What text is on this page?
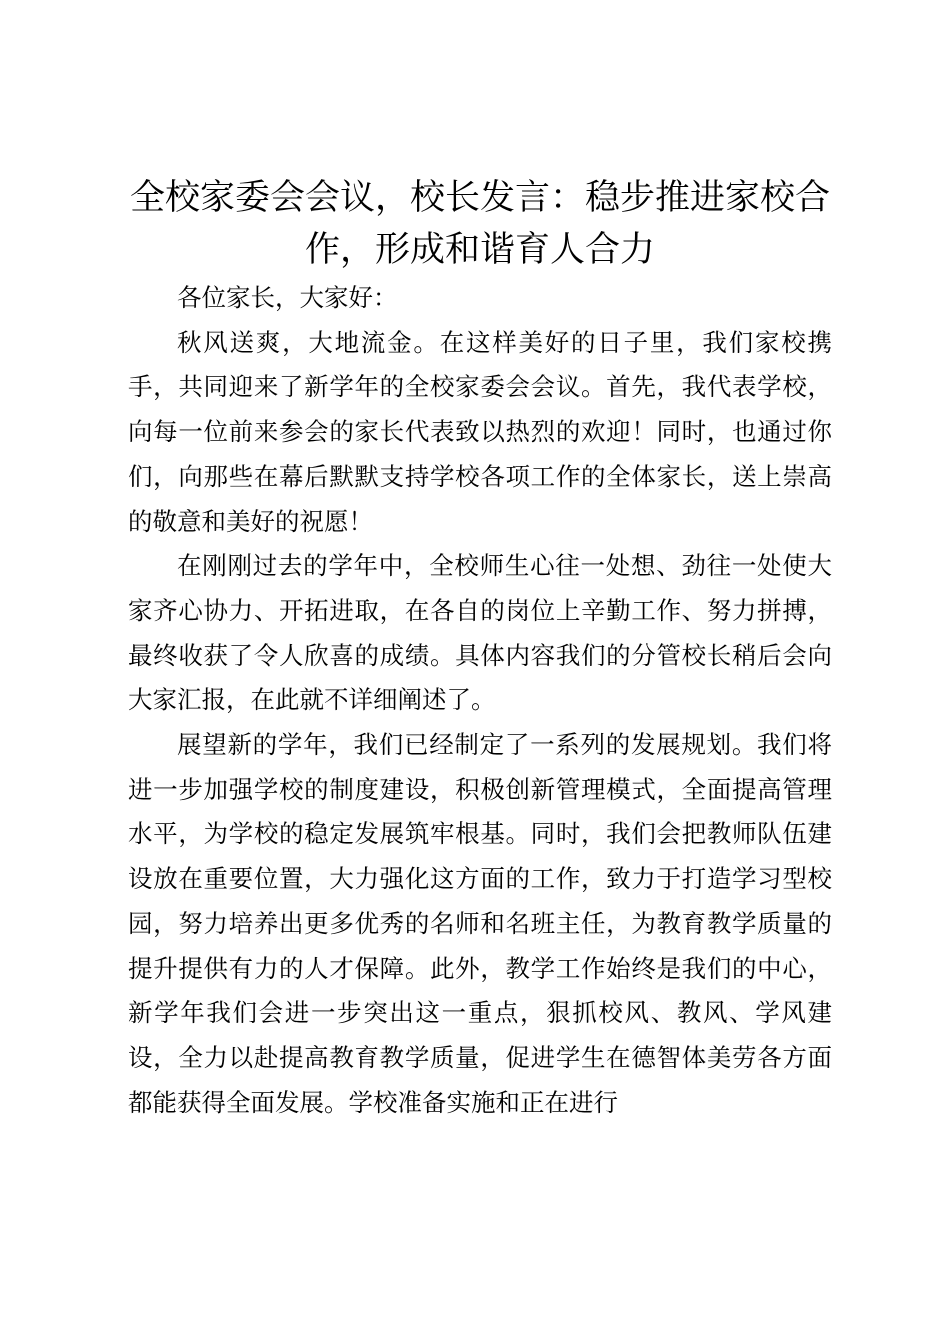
全校家委会会议，校长发言：稳步推进家校合作，形成和谐育人合力

各位家长，大家好：

秋风送爽，大地流金。在这样美好的日子里，我们家校携手，共同迎来了新学年的全校家委会会议。首先，我代表学校，向每一位前来参会的家长代表致以热烈的欢迎！同时，也通过你们，向那些在幕后默默支持学校各项工作的全体家长，送上崇高的敬意和美好的祝愿！

在刚刚过去的学年中，全校师生心往一处想、劲往一处使大家齐心协力、开拓进取，在各自的岗位上辛勤工作、努力拼搏，最终收获了令人欣喜的成绩。具体内容我们的分管校长稍后会向大家汇报，在此就不详细阐述了。

展望新的学年，我们已经制定了一系列的发展规划。我们将进一步加强学校的制度建设，积极创新管理模式，全面提高管理水平，为学校的稳定发展筑牢根基。同时，我们会把教师队伍建设放在重要位置，大力强化这方面的工作，致力于打造学习型校园，努力培养出更多优秀的名师和名班主任，为教育教学质量的提升提供有力的人才保障。此外，教学工作始终是我们的中心，新学年我们会进一步突出这一重点，狠抓校风、教风、学风建设，全力以赴提高教育教学质量，促进学生在德智体美劳各方面都能获得全面发展。学校准备实施和正在进行
